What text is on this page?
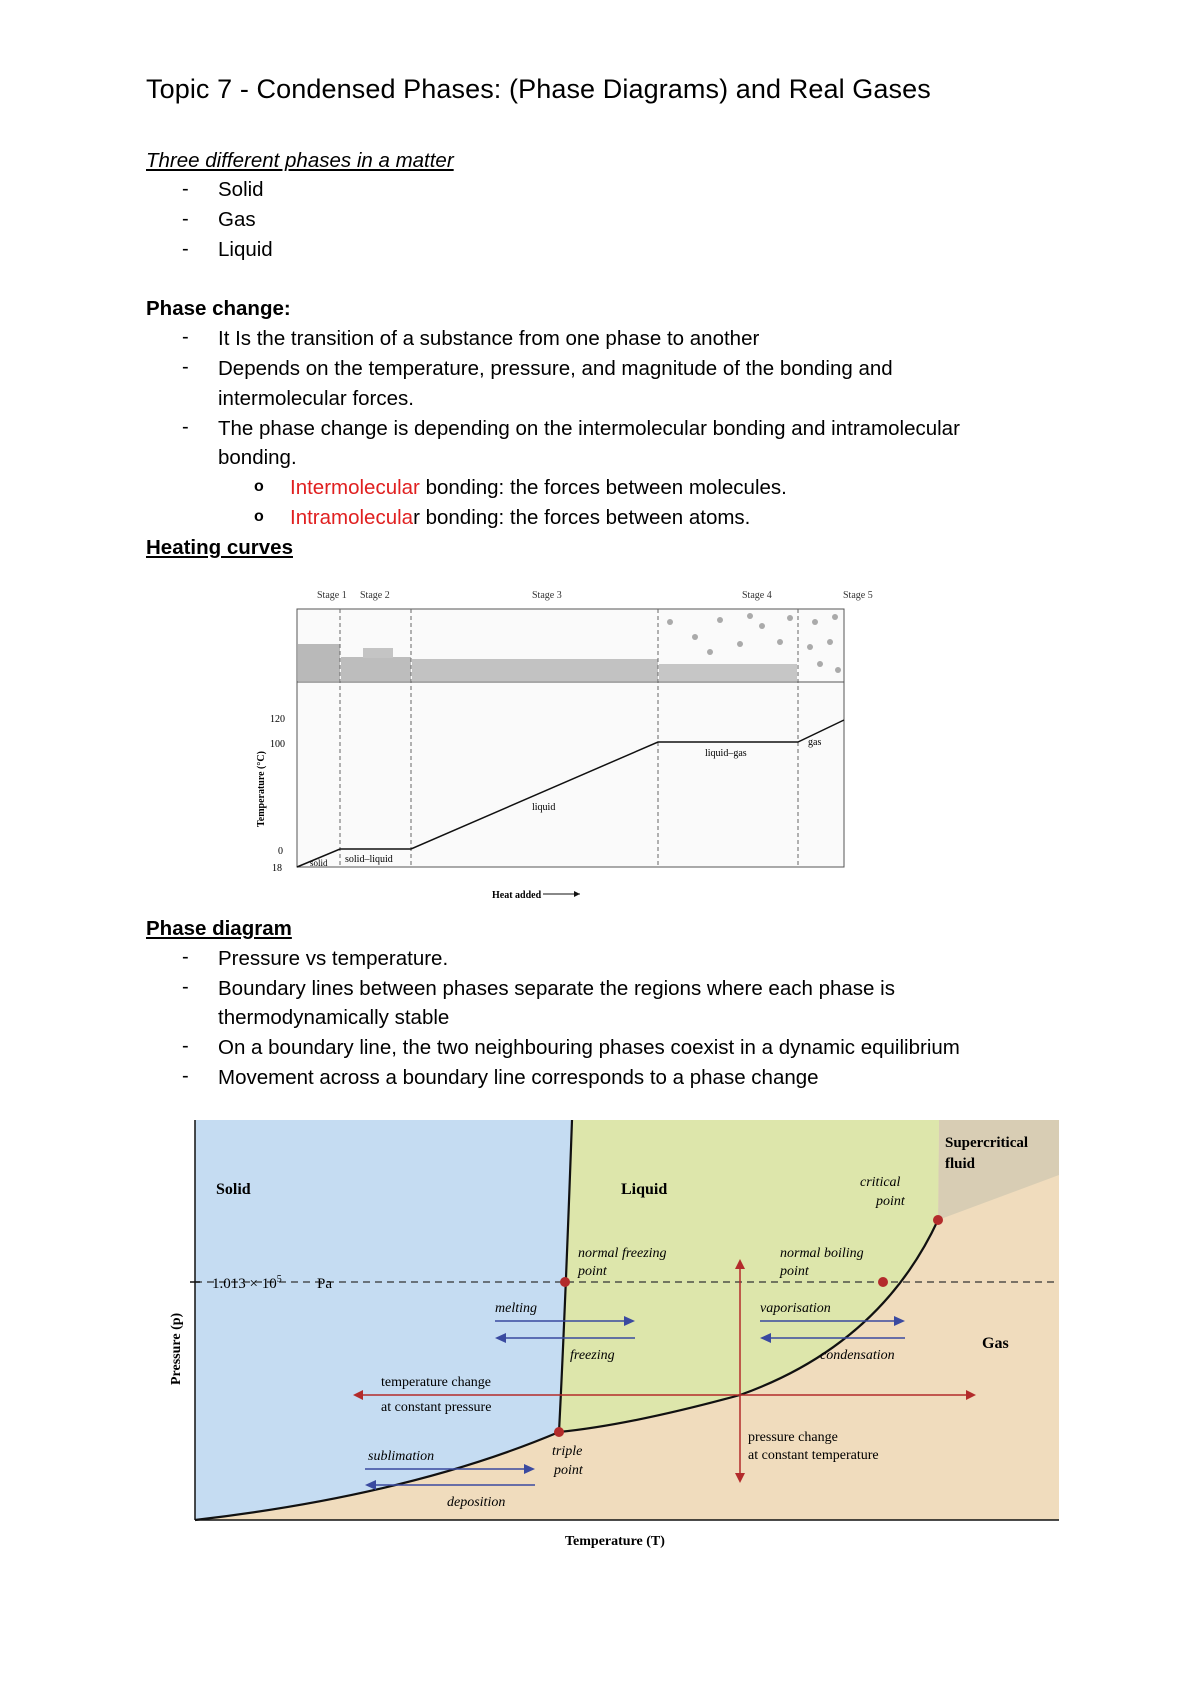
Topic 7 - Condensed Phases: (Phase Diagrams) and Real Gases
Three different phases in a matter
- Solid
- Gas
- Liquid
Phase change:
- It Is the transition of a substance from one phase to another
- Depends on the temperature, pressure, and magnitude of the bonding and
intermolecular forces.
- The phase change is depending on the intermolecular bonding and intramolecular
bonding.
o Intermolecular bonding: the forces between molecules.
o Intramolecular bonding: the forces between atoms.
Heating curves
Stage 1 Stage 2	Stage 3	Stage 4	Stage 5
120
100
0
18
Temperature (°C)
solid solid–liquid
liquid
liquid–gas
gas
Heat added
Phase diagram
- Pressure vs temperature.
- Boundary lines between phases separate the regions where each phase is
thermodynamically stable
- On a boundary line, the two neighbouring phases coexist in a dynamic equilibrium
- Movement across a boundary line corresponds to a phase change
$1.013 \times 10^5$ Pa
Solid	Liquid
Gas
Supercritical
fluid
critical
point
normal freezing
point
normal boiling
point
triple
point
melting
freezing
vaporisation
condensation
sublimation
deposition
temperature change
at constant pressure
pressure change
at constant temperature
Pressure (p)
Temperature (T)
